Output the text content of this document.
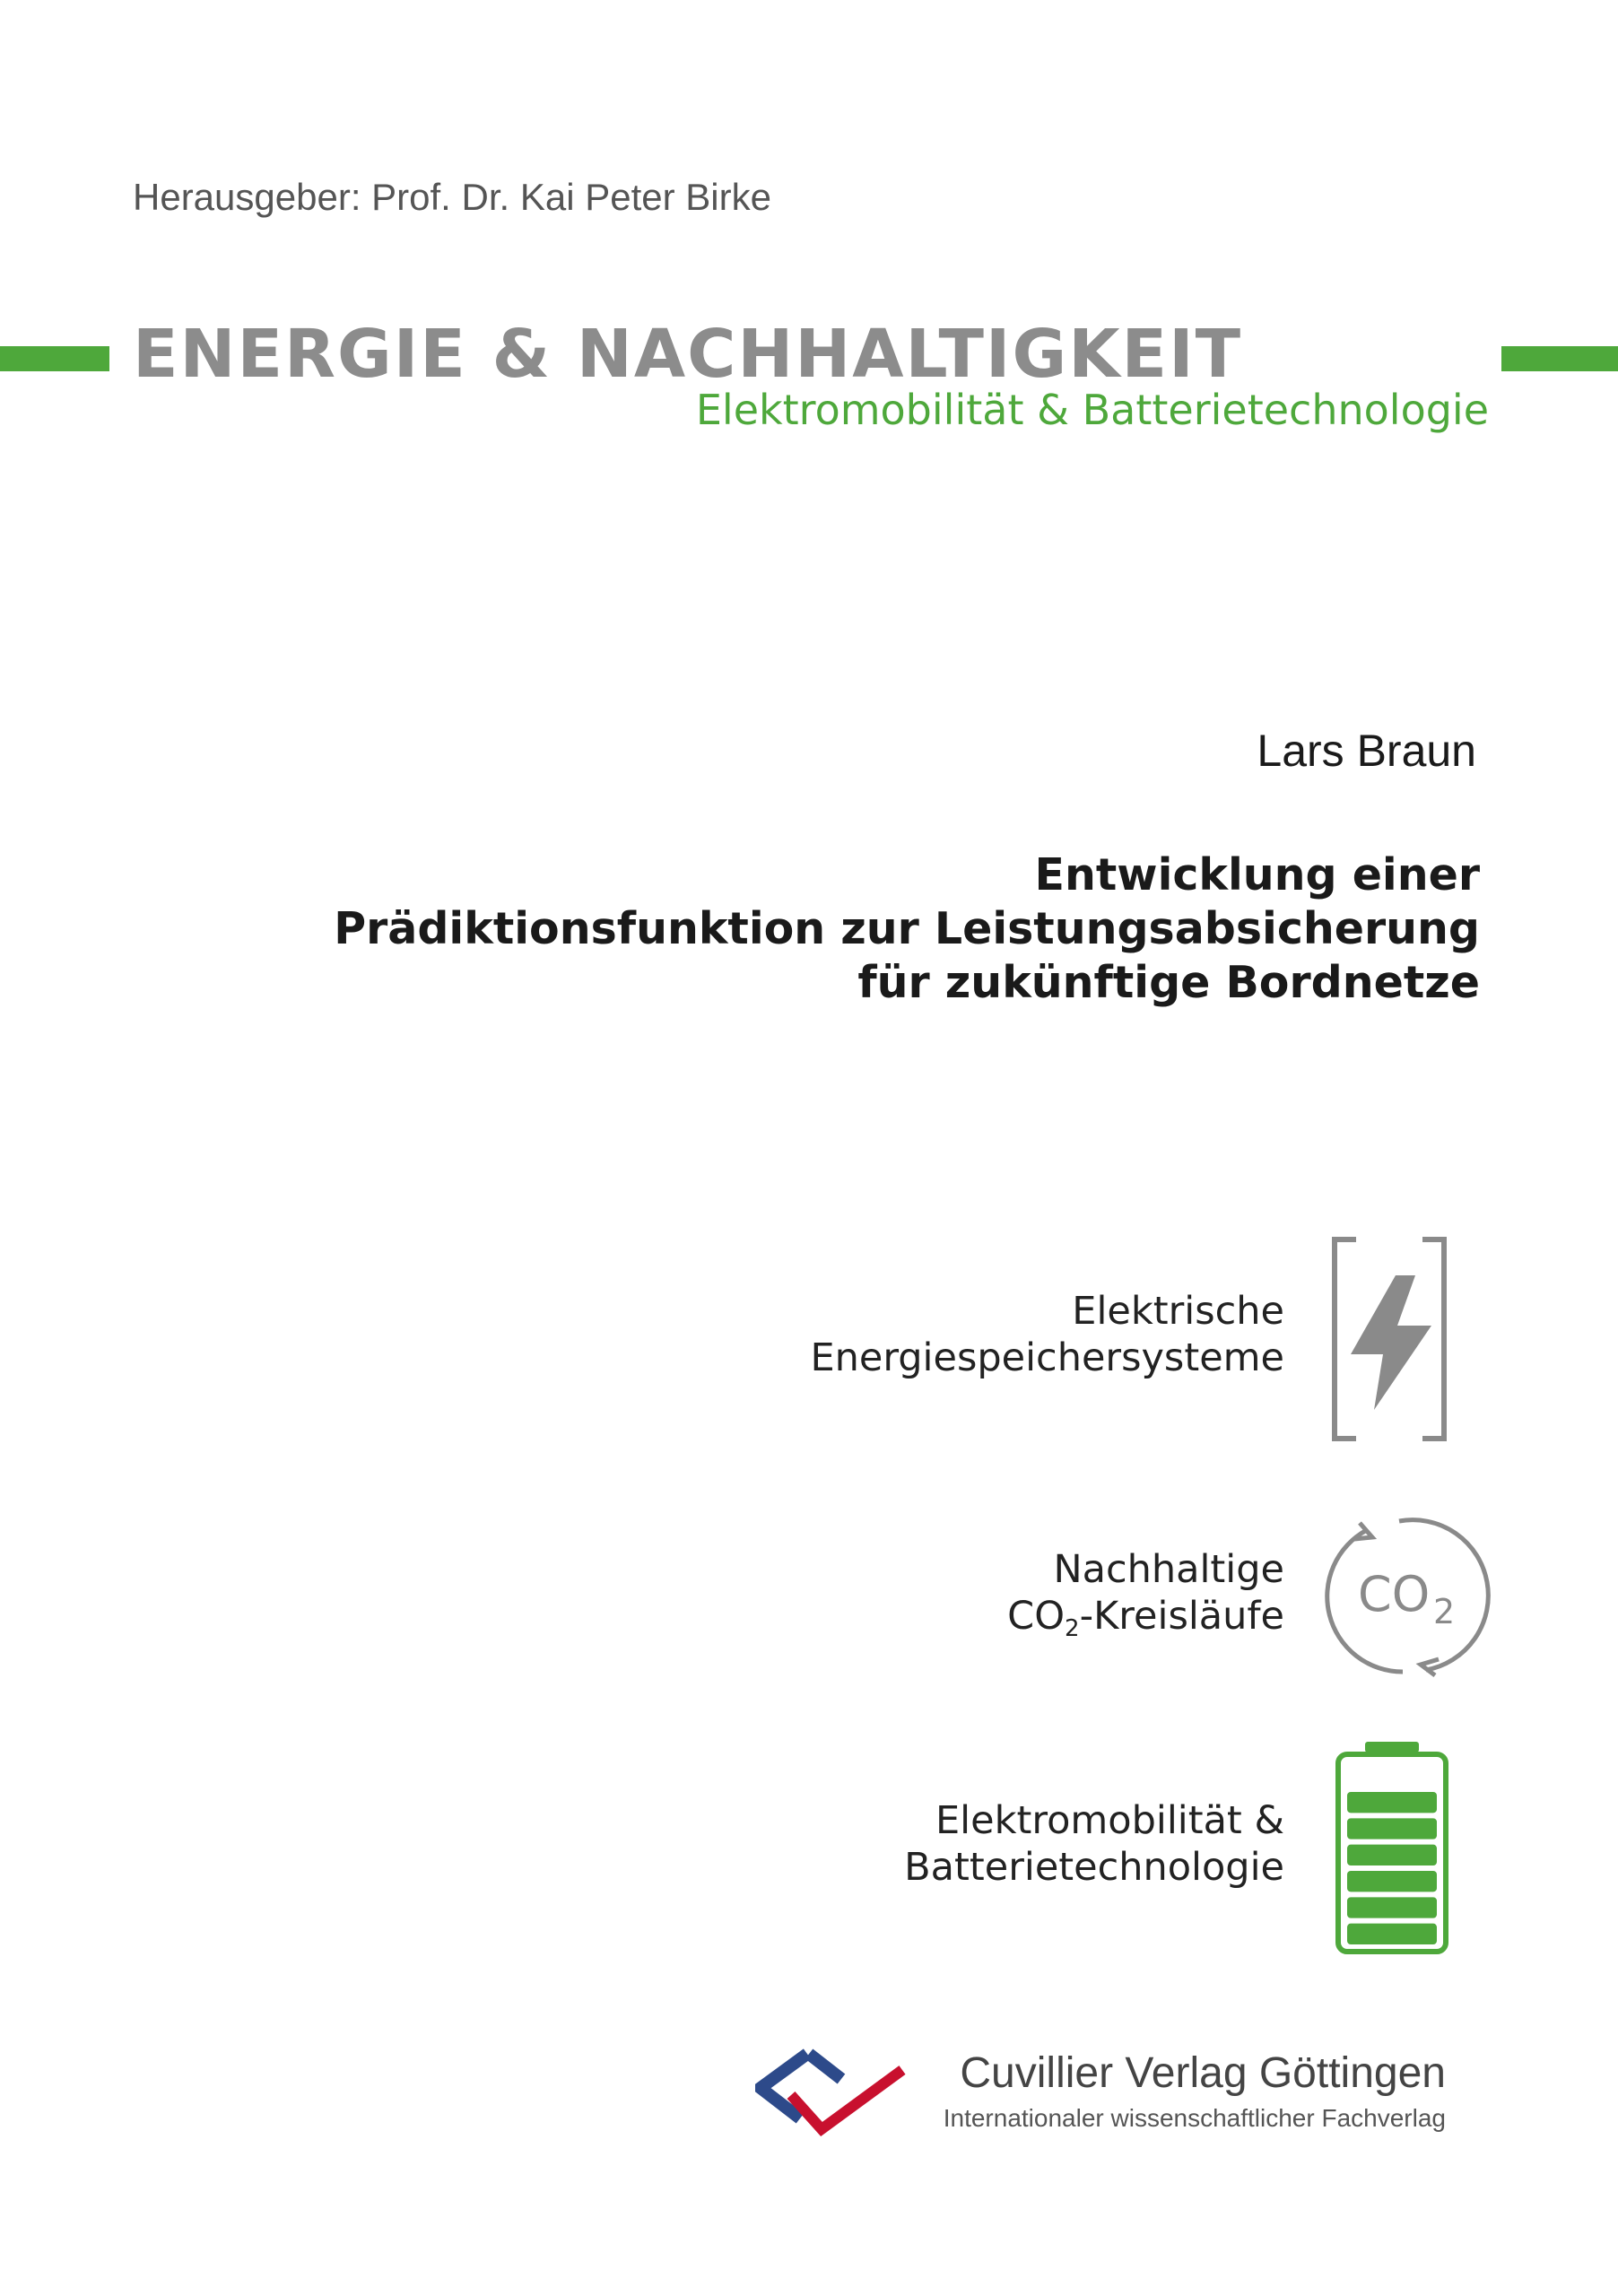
Herausgeber: Prof. Dr. Kai Peter Birke
ENERGIE & NACHHALTIGKEIT
Elektromobilität & Batterietechnologie
Lars Braun
Entwicklung einer
Prädiktionsfunktion zur Leistungsabsicherung
für zukünftige Bordnetze
Elektrische
Energiespeichersysteme
Nachhaltige
$CO_2$-Kreisläufe CO 2
Elektromobilität &
Batterietechnologie
Cuvillier Verlag Göttingen
Internationaler wissenschaftlicher Fachverlag
